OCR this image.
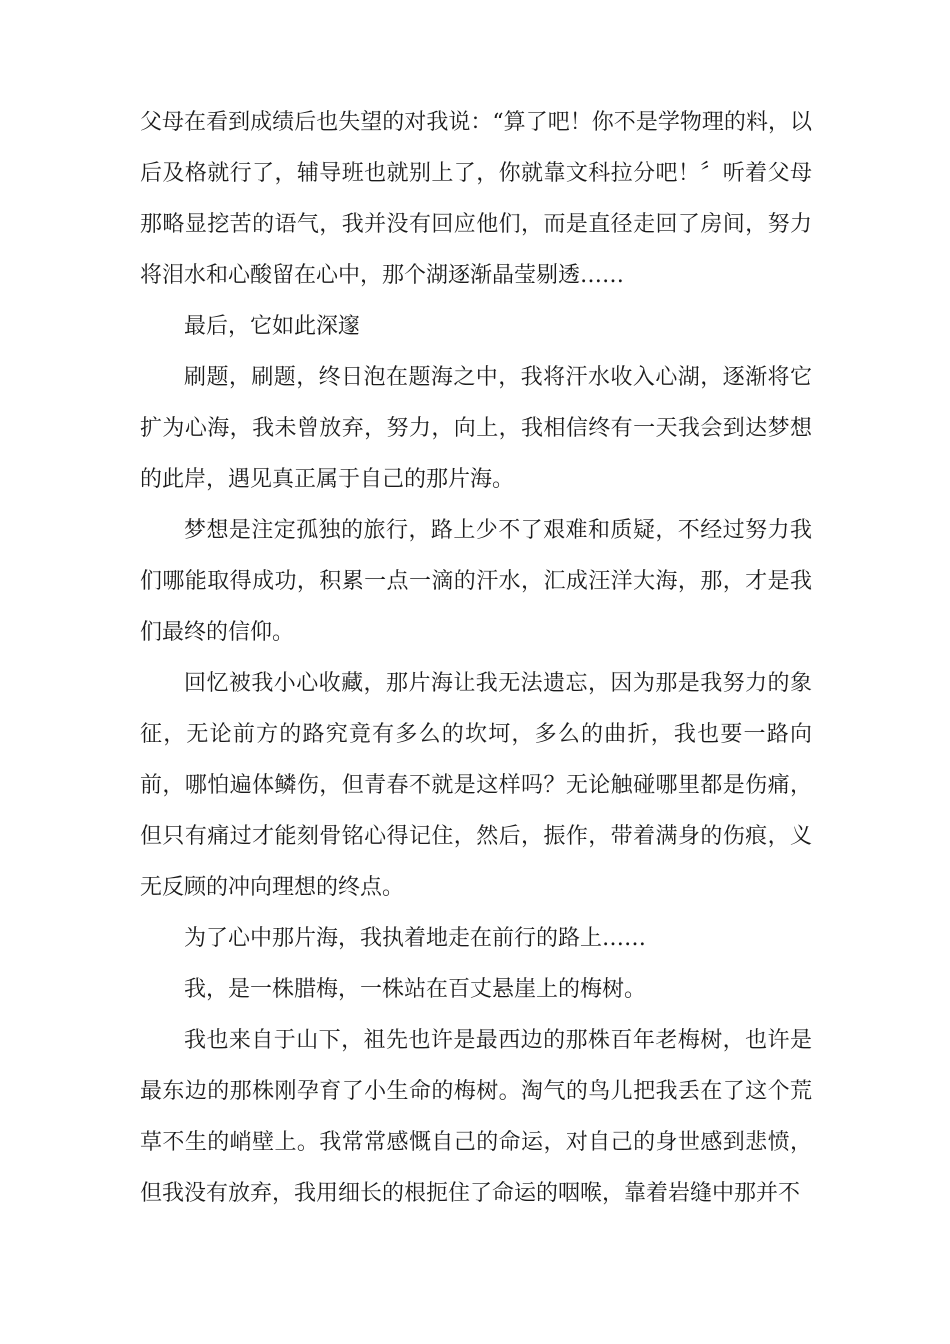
父母在看到成绩后也失望的对我说：“算了吧！你不是学物理的料，以后及格就行了，辅导班也就别上了，你就靠文科拉分吧！〞听着父母那略显挖苦的语气，我并没有回应他们，而是直径走回了房间，努力将泪水和心酸留在心中，那个湖逐渐晶莹剔透……

最后，它如此深邃

刷题，刷题，终日泡在题海之中，我将汗水收入心湖，逐渐将它扩为心海，我未曾放弃，努力，向上，我相信终有一天我会到达梦想的此岸，遇见真正属于自己的那片海。

梦想是注定孤独的旅行，路上少不了艰难和质疑，不经过努力我们哪能取得成功，积累一点一滴的汗水，汇成汪洋大海，那，才是我们最终的信仰。

回忆被我小心收藏，那片海让我无法遗忘，因为那是我努力的象征，无论前方的路究竟有多么的坎坷，多么的曲折，我也要一路向前，哪怕遍体鳞伤，但青春不就是这样吗？无论触碰哪里都是伤痛，但只有痛过才能刻骨铭心得记住，然后，振作，带着满身的伤痕，义无反顾的冲向理想的终点。

为了心中那片海，我执着地走在前行的路上……

我，是一株腊梅，一株站在百丈悬崖上的梅树。

我也来自于山下，祖先也许是最西边的那株百年老梅树，也许是最东边的那株刚孕育了小生命的梅树。淘气的鸟儿把我丢在了这个荒草不生的峭壁上。我常常感慨自己的命运，对自己的身世感到悲愤，但我没有放弃，我用细长的根扼住了命运的咽喉，靠着岩缝中那并不
